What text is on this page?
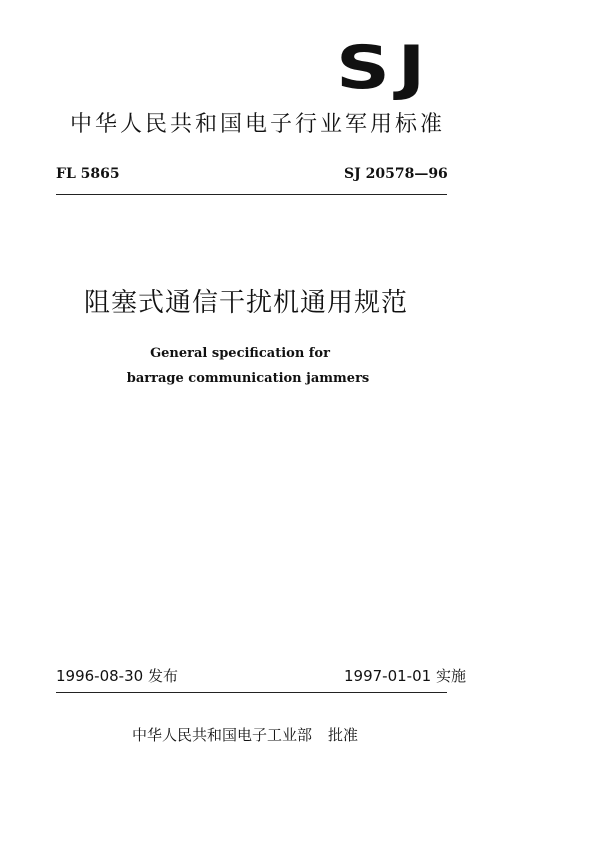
SJ
中华人民共和国电子行业军用标准
FL 5865	SJ 20578—96
阻塞式通信干扰机通用规范
General specification for
barrage communication jammers
1996-08-30 发布	1997-01-01 实施
中华人民共和国电子工业部 批准
